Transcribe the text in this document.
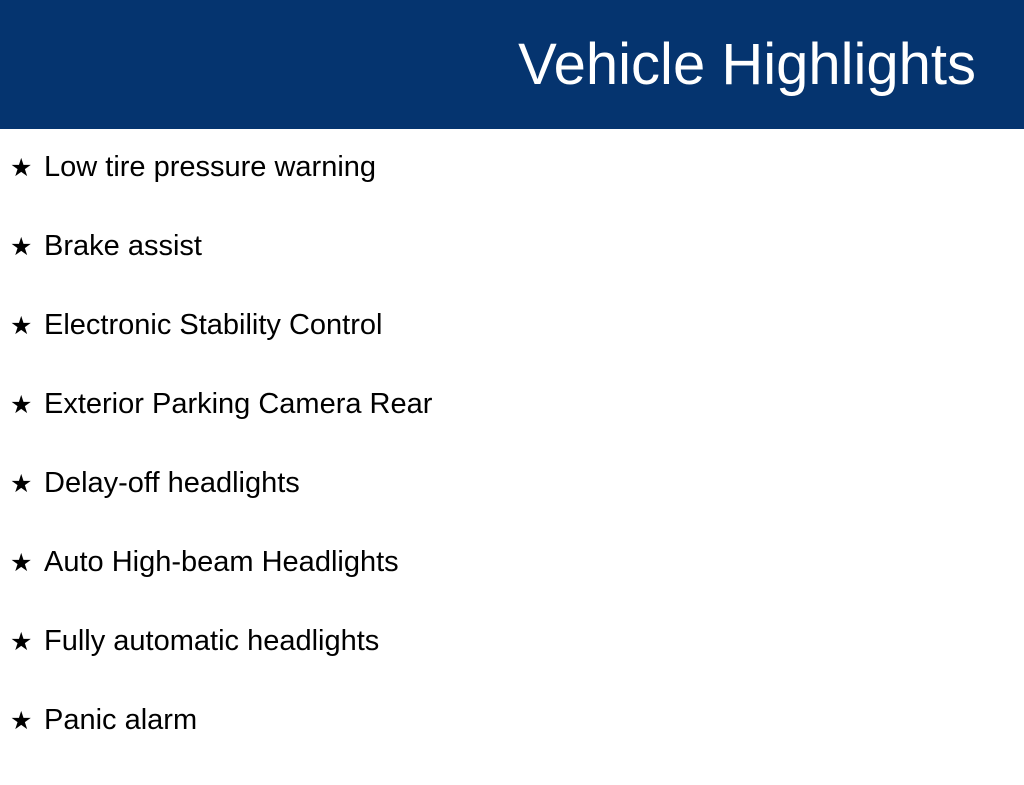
Vehicle Highlights
★ Low tire pressure warning
★ Brake assist
★ Electronic Stability Control
★ Exterior Parking Camera Rear
★ Delay-off headlights
★ Auto High-beam Headlights
★ Fully automatic headlights
★ Panic alarm
